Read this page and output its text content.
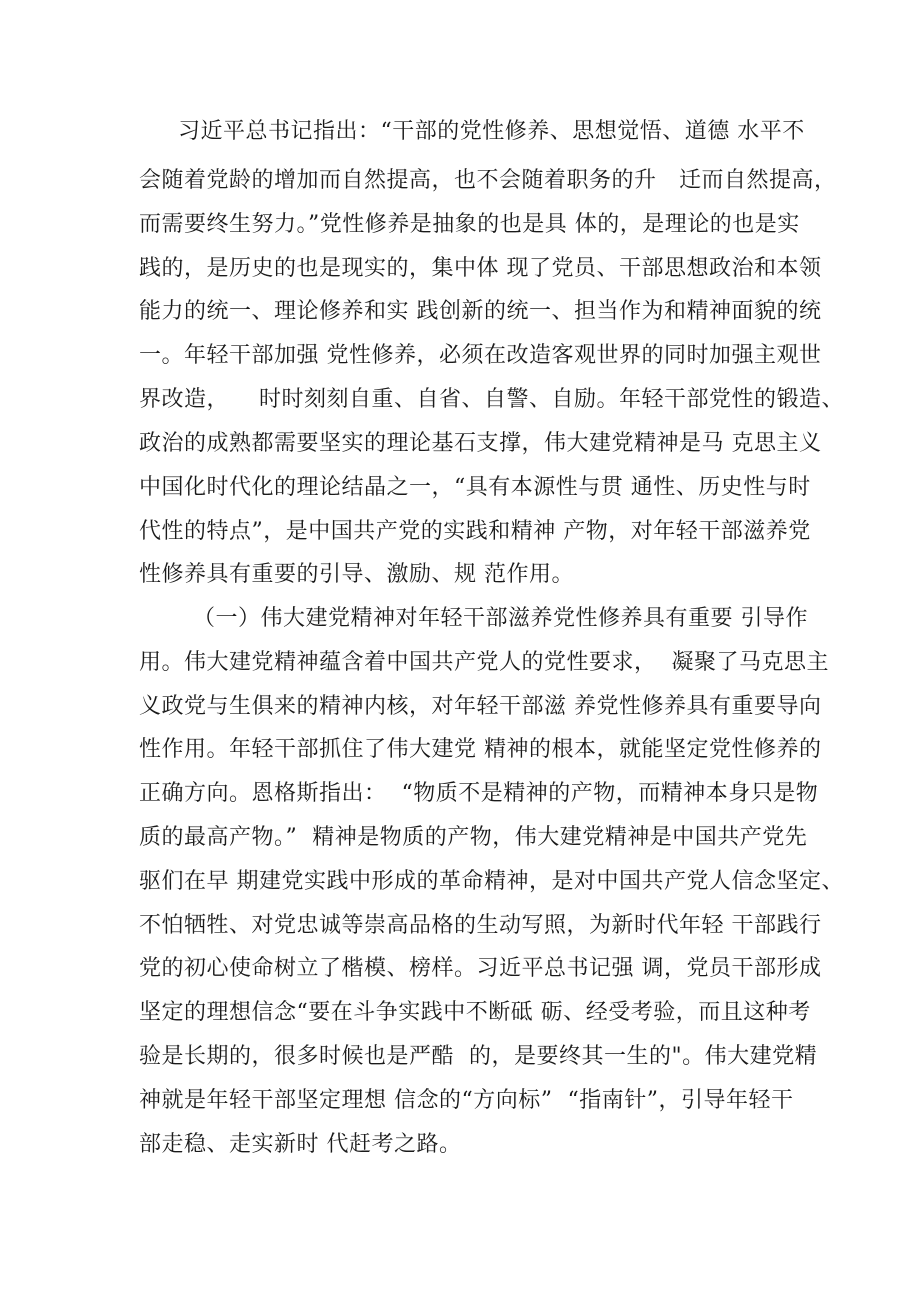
习近平总书记指出：“干部的党性修养、思想觉悟、道德 水平不
会随着党龄的增加而自然提高，也不会随着职务的升   迁而自然提高，
而需要终生努力。”党性修养是抽象的也是具 体的，是理论的也是实
践的，是历史的也是现实的，集中体 现了党员、干部思想政治和本领
能力的统一、理论修养和实 践创新的统一、担当作为和精神面貌的统
一。年轻干部加强 党性修养，必须在改造客观世界的同时加强主观世
界改造，    时时刻刻自重、自省、自警、自励。年轻干部党性的锻造、
政治的成熟都需要坚实的理论基石支撑，伟大建党精神是马 克思主义
中国化时代化的理论结晶之一，“具有本源性与贯 通性、历史性与时
代性的特点”，是中国共产党的实践和精神 产物，对年轻干部滋养党
性修养具有重要的引导、激励、规 范作用。
（一）伟大建党精神对年轻干部滋养党性修养具有重要 引导作
用。伟大建党精神蕴含着中国共产党人的党性要求，  凝聚了马克思主
义政党与生俱来的精神内核，对年轻干部滋 养党性修养具有重要导向
性作用。年轻干部抓住了伟大建党 精神的根本，就能坚定党性修养的
正确方向。恩格斯指出：  “物质不是精神的产物，而精神本身只是物
质的最高产物。”  精神是物质的产物，伟大建党精神是中国共产党先
驱们在早 期建党实践中形成的革命精神，是对中国共产党人信念坚定、
不怕牺牲、对党忠诚等崇高品格的生动写照，为新时代年轻 干部践行
党的初心使命树立了楷模、榜样。习近平总书记强 调，党员干部形成
坚定的理想信念“要在斗争实践中不断砥 砺、经受考验，而且这种考
验是长期的，很多时候也是严酷  的，是要终其一生的"。伟大建党精
神就是年轻干部坚定理想 信念的“方向标”  “指南针”，引导年轻干
部走稳、走实新时 代赶考之路。
